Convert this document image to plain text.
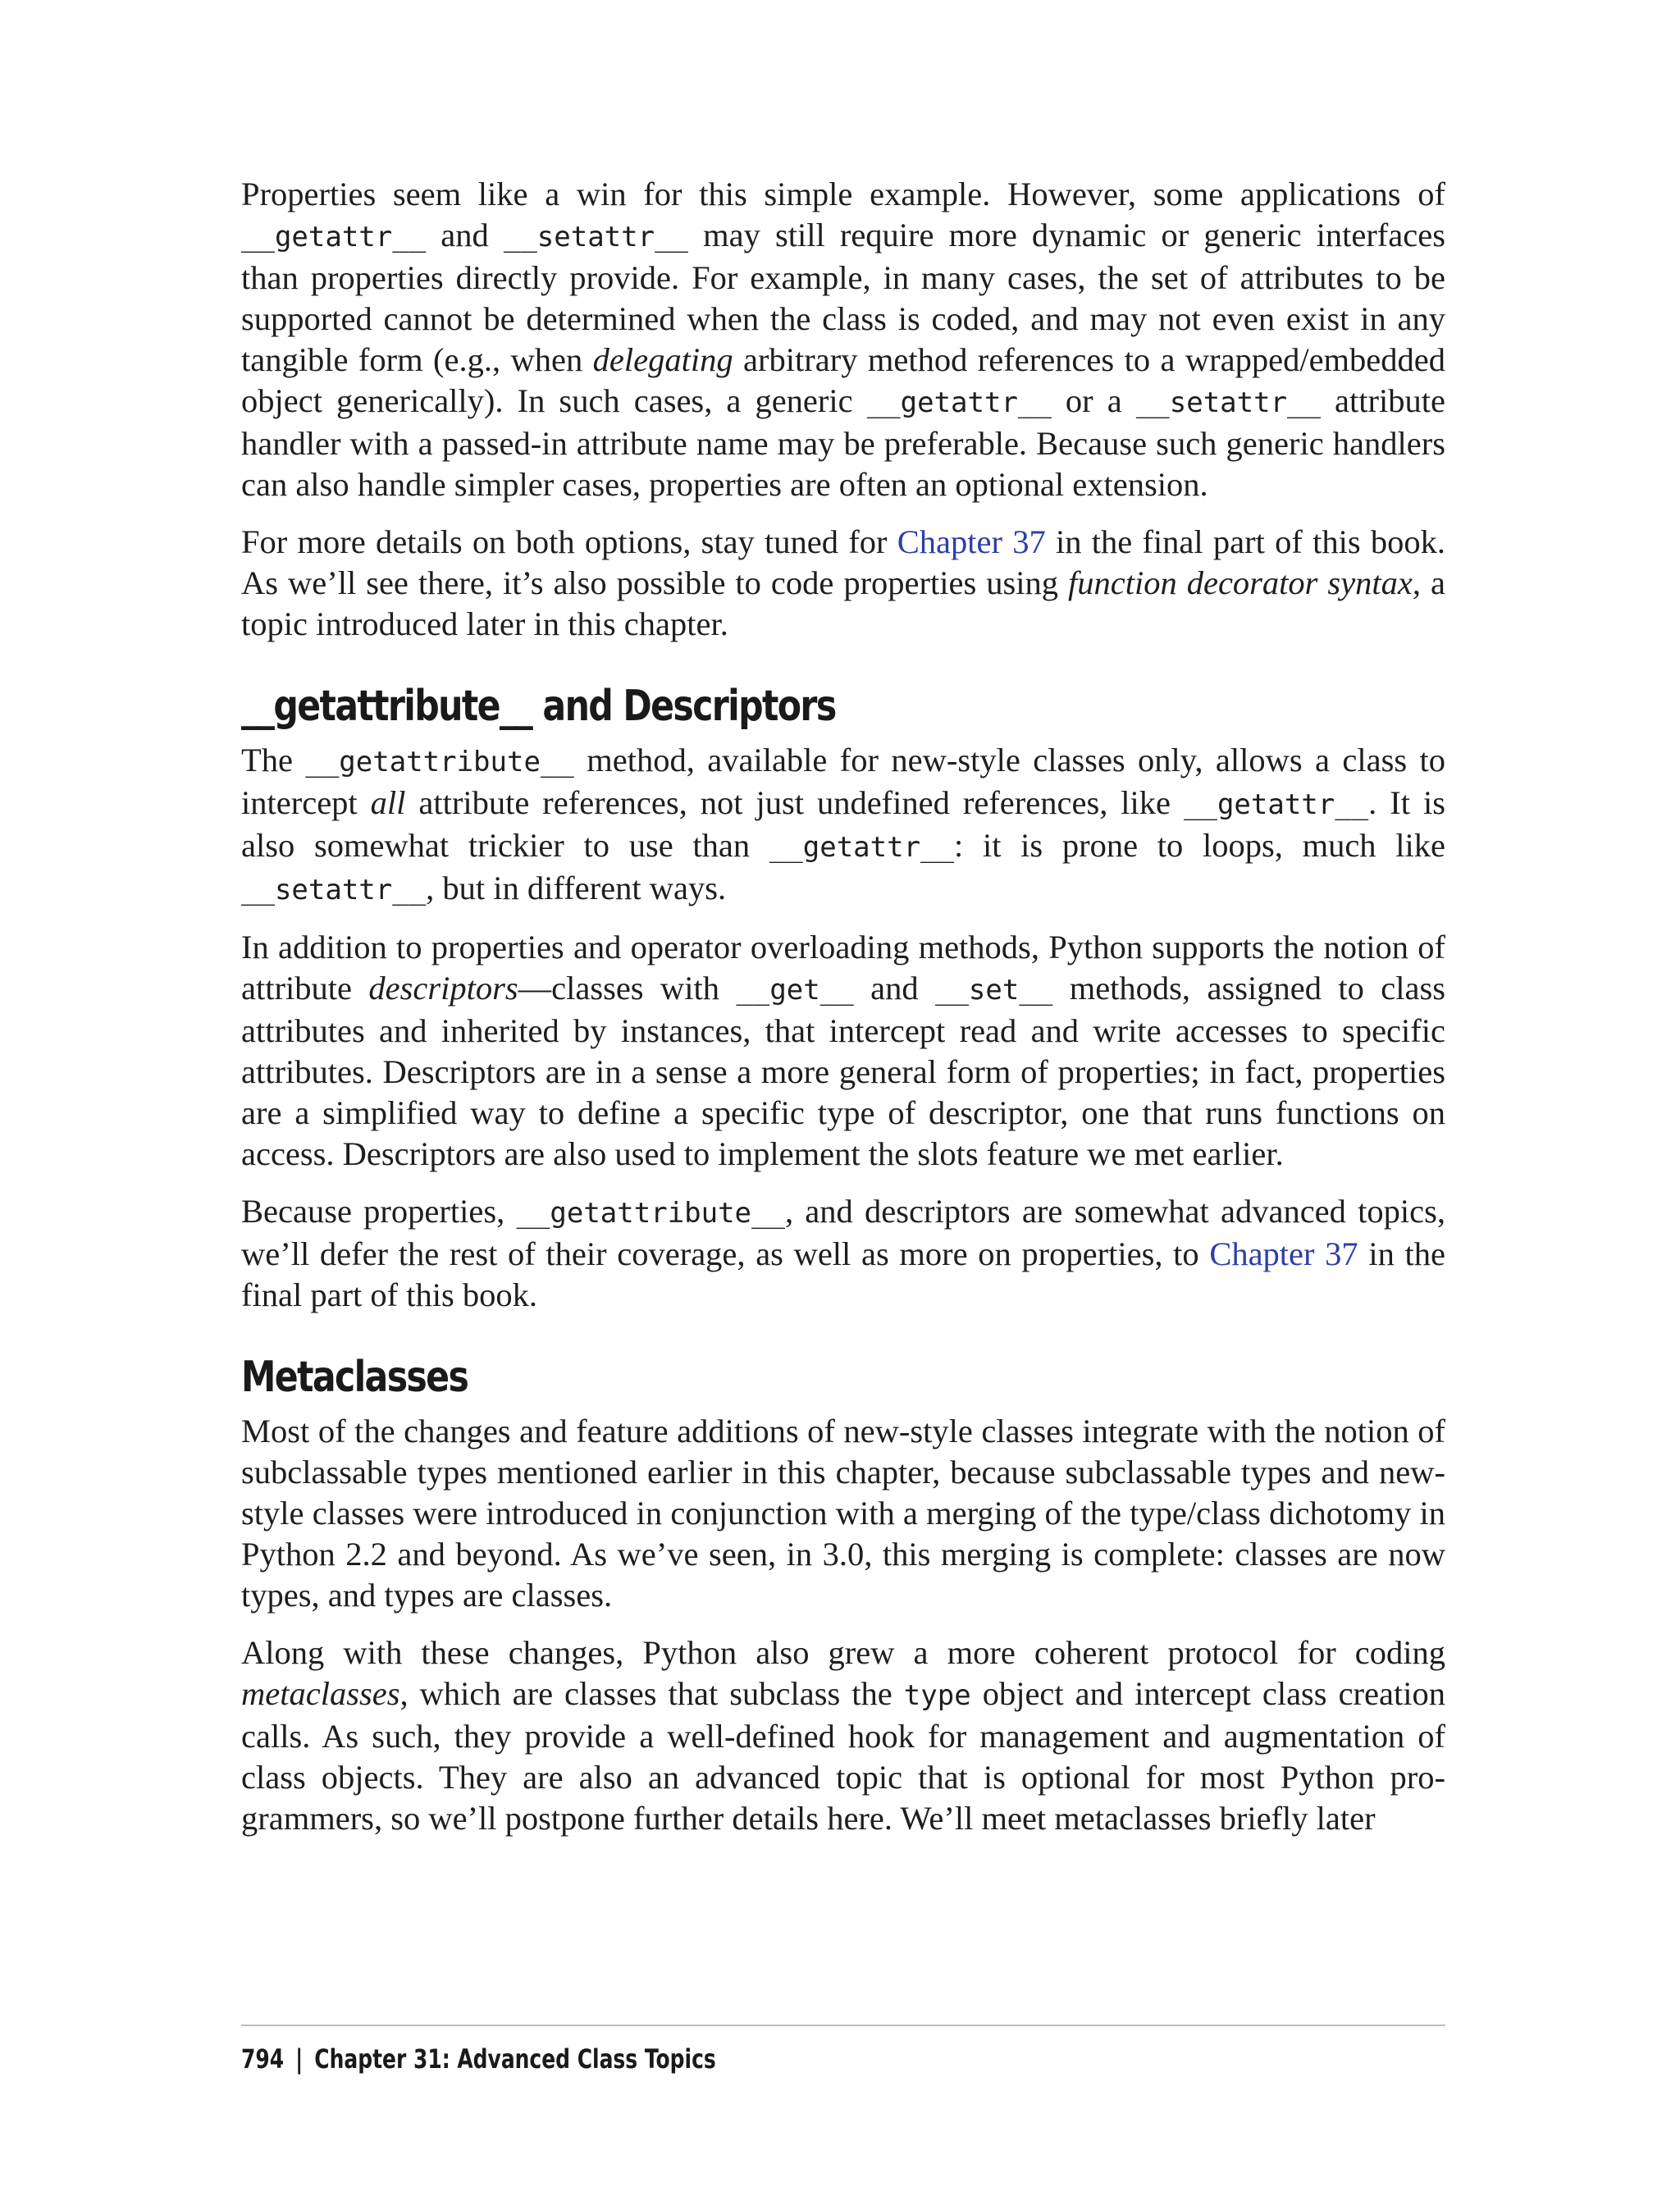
Properties seem like a win for this simple example. However, some applications of __getattr__ and __setattr__ may still require more dynamic or generic interfaces than properties directly provide. For example, in many cases, the set of attributes to be supported cannot be determined when the class is coded, and may not even exist in any tangible form (e.g., when delegating arbitrary method references to a wrapped/embedded object generically). In such cases, a generic __getattr__ or a __setattr__ attribute handler with a passed-in attribute name may be preferable. Because such generic handlers can also handle simpler cases, properties are often an optional extension.

For more details on both options, stay tuned for Chapter 37 in the final part of this book. As we’ll see there, it’s also possible to code properties using function decorator syntax, a topic introduced later in this chapter.

__getattribute__ and Descriptors

The __getattribute__ method, available for new-style classes only, allows a class to intercept all attribute references, not just undefined references, like __getattr__. It is also somewhat trickier to use than __getattr__: it is prone to loops, much like __setattr__, but in different ways.

In addition to properties and operator overloading methods, Python supports the notion of attribute descriptors—classes with __get__ and __set__ methods, assigned to class attributes and inherited by instances, that intercept read and write accesses to specific attributes. Descriptors are in a sense a more general form of properties; in fact, properties are a simplified way to define a specific type of descriptor, one that runs functions on access. Descriptors are also used to implement the slots feature we met earlier.

Because properties, __getattribute__, and descriptors are somewhat advanced topics, we’ll defer the rest of their coverage, as well as more on properties, to Chapter 37 in the final part of this book.

Metaclasses

Most of the changes and feature additions of new-style classes integrate with the notion of subclassable types mentioned earlier in this chapter, because subclassable types and new-style classes were introduced in conjunction with a merging of the type/class dichotomy in Python 2.2 and beyond. As we’ve seen, in 3.0, this merging is complete: classes are now types, and types are classes.

Along with these changes, Python also grew a more coherent protocol for coding metaclasses, which are classes that subclass the type object and intercept class creation calls. As such, they provide a well-defined hook for management and augmentation of class objects. They are also an advanced topic that is optional for most Python programmers, so we’ll postpone further details here. We’ll meet metaclasses briefly later

794 | Chapter 31: Advanced Class Topics
